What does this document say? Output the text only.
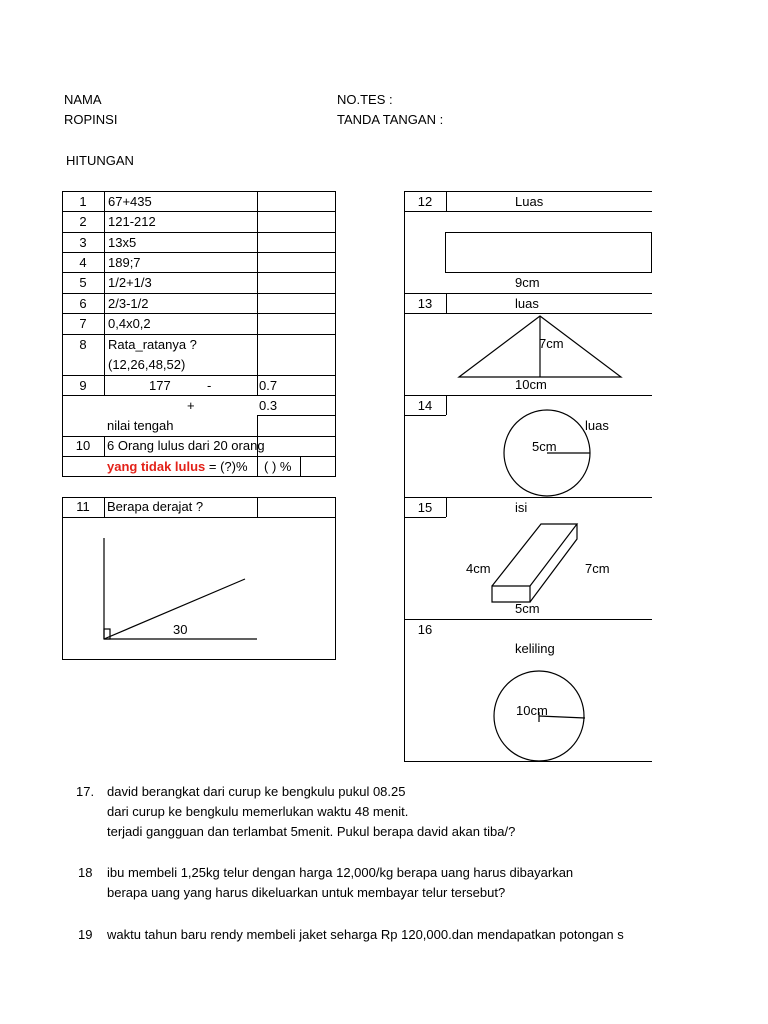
NAMA
ROPINSI
NO.TES :
TANDA TANGAN :
HITUNGAN
1	67+435
2	121-212
3	13x5
4	189;7
5	1/2+1/3
6	2/3-1/2
7	0,4x0,2
8	Rata_ratanya ?
(12,26,48,52)
9	177	-	0.7
+	0.3
nilai tengah
10	6 Orang lulus dari 20 orang
yang tidak lulus = (?)% ( ) %
11	Berapa derajat ?
30
12	Luas
9cm
13	luas
7cm
10cm
14
luas
5cm
15	isi
4cm	7cm
5cm
16
keliling
10cm
17. david berangkat dari curup ke bengkulu pukul 08.25
dari curup ke bengkulu memerlukan waktu 48 menit.
terjadi gangguan dan terlambat 5menit. Pukul berapa david akan tiba/?
18 ibu membeli 1,25kg telur dengan harga 12,000/kg berapa uang harus dibayarkan
berapa uang yang harus dikeluarkan untuk membayar telur tersebut?
19 waktu tahun baru rendy membeli jaket seharga Rp 120,000.dan mendapatkan potongan s
